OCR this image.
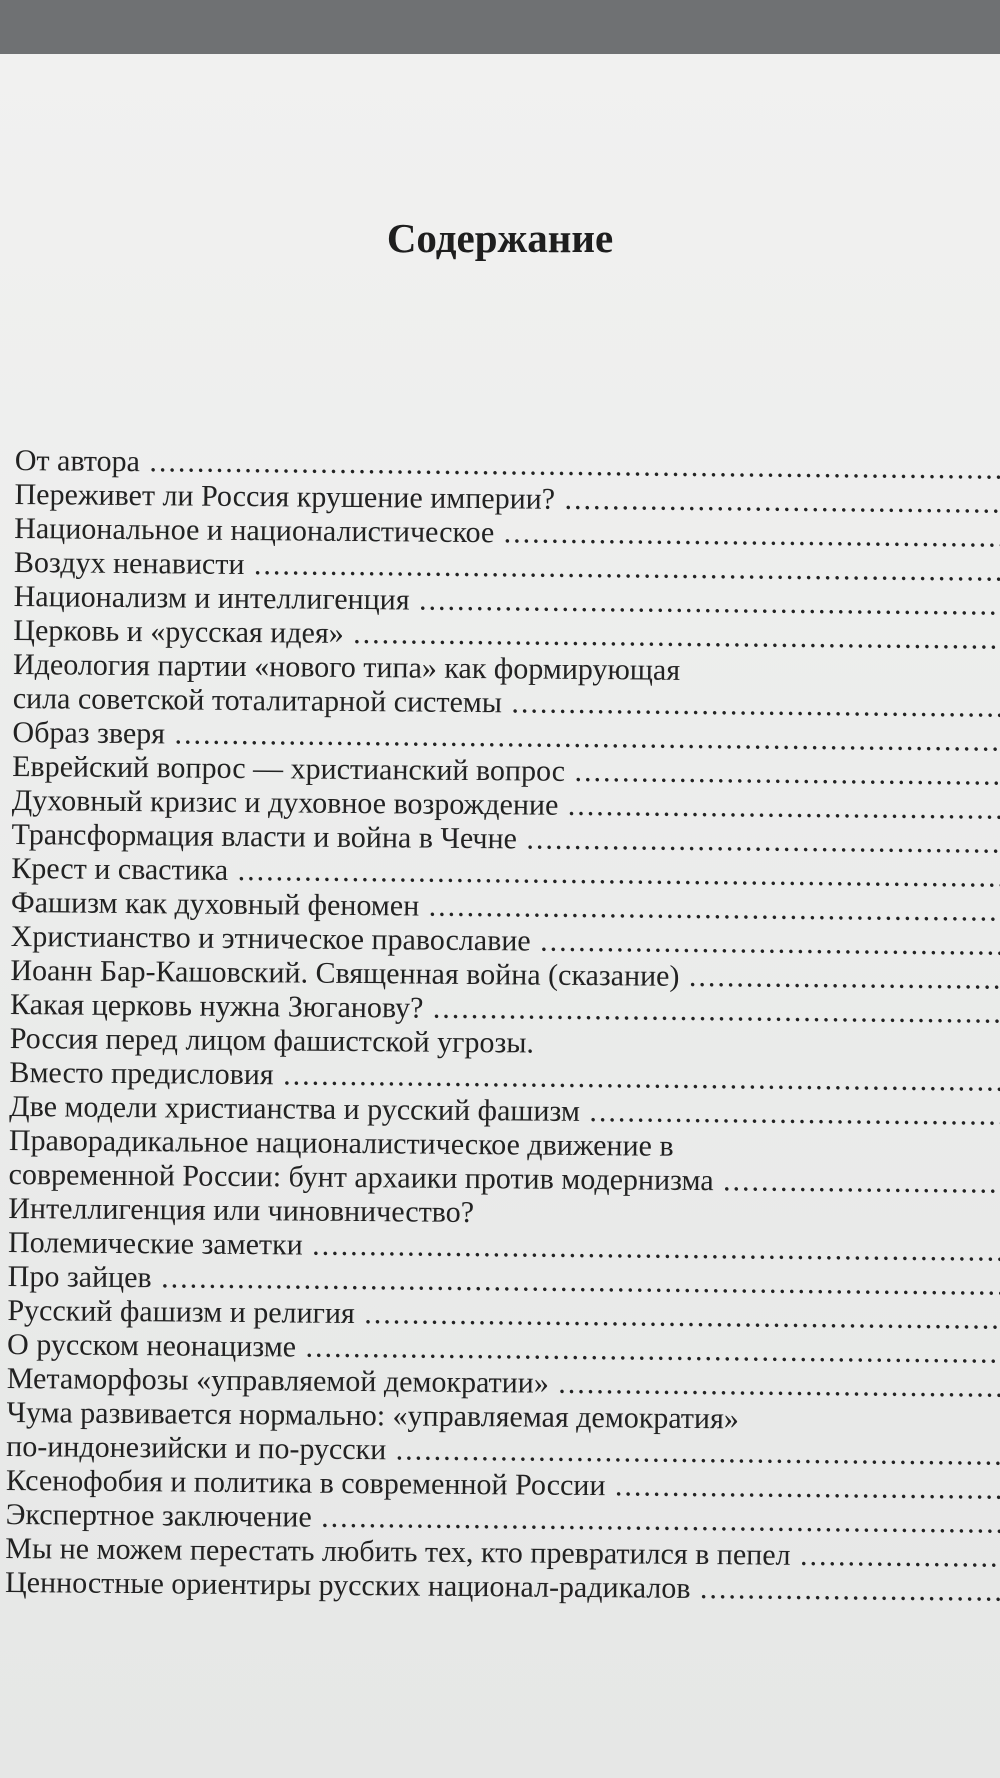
Содержание
От автора .....
Переживет ли Россия крушение империи? .....
Национальное и националистическое .....
Воздух ненависти .....
Национализм и интеллигенция .....
Церковь и «русская идея» .....
Идеология партии «нового типа» как формирующая
сила советской тоталитарной системы .....
Образ зверя .....
Еврейский вопрос — христианский вопрос .....
Духовный кризис и духовное возрождение .....
Трансформация власти и война в Чечне .....
Крест и свастика .....
Фашизм как духовный феномен .....
Христианство и этническое православие .....
Иоанн Бар-Кашовский. Священная война (сказание) .....
Какая церковь нужна Зюганову? .....
Россия перед лицом фашистской угрозы.
Вместо предисловия .....
Две модели христианства и русский фашизм .....
Праворадикальное националистическое движение в
современной России: бунт архаики против модернизма .....
Интеллигенция или чиновничество?
Полемические заметки .....
Про зайцев .....
Русский фашизм и религия .....
О русском неонацизме .....
Метаморфозы «управляемой демократии» .....
Чума развивается нормально: «управляемая демократия»
по-индонезийски и по-русски .....
Ксенофобия и политика в современной России .....
Экспертное заключение .....
Мы не можем перестать любить тех, кто превратился в пепел .....
Ценностные ориентиры русских национал-радикалов .....
